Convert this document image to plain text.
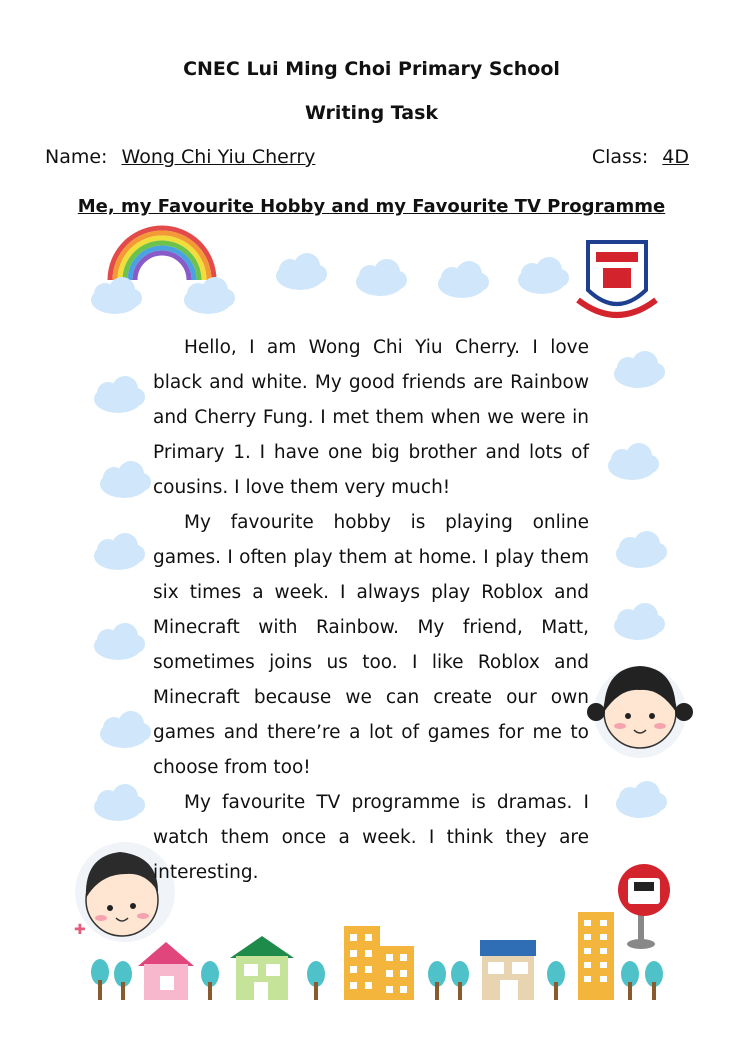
✚
CNEC Lui Ming Choi Primary School
Writing Task
Name: Wong Chi Yiu Cherry	Class: 4D
Me, my Favourite Hobby and my Favourite TV Programme

Hello, I am Wong Chi Yiu Cherry. I love black and white. My good friends are Rainbow and Cherry Fung. I met them when we were in Primary 1. I have one big brother and lots of cousins. I love them very much!

My favourite hobby is playing online games. I often play them at home. I play them six times a week. I always play Roblox and Minecraft with Rainbow. My friend, Matt, sometimes joins us too. I like Roblox and Minecraft because we can create our own games and there’re a lot of games for me to choose from too!

My favourite TV programme is dramas. I watch them once a week. I think they are interesting.
